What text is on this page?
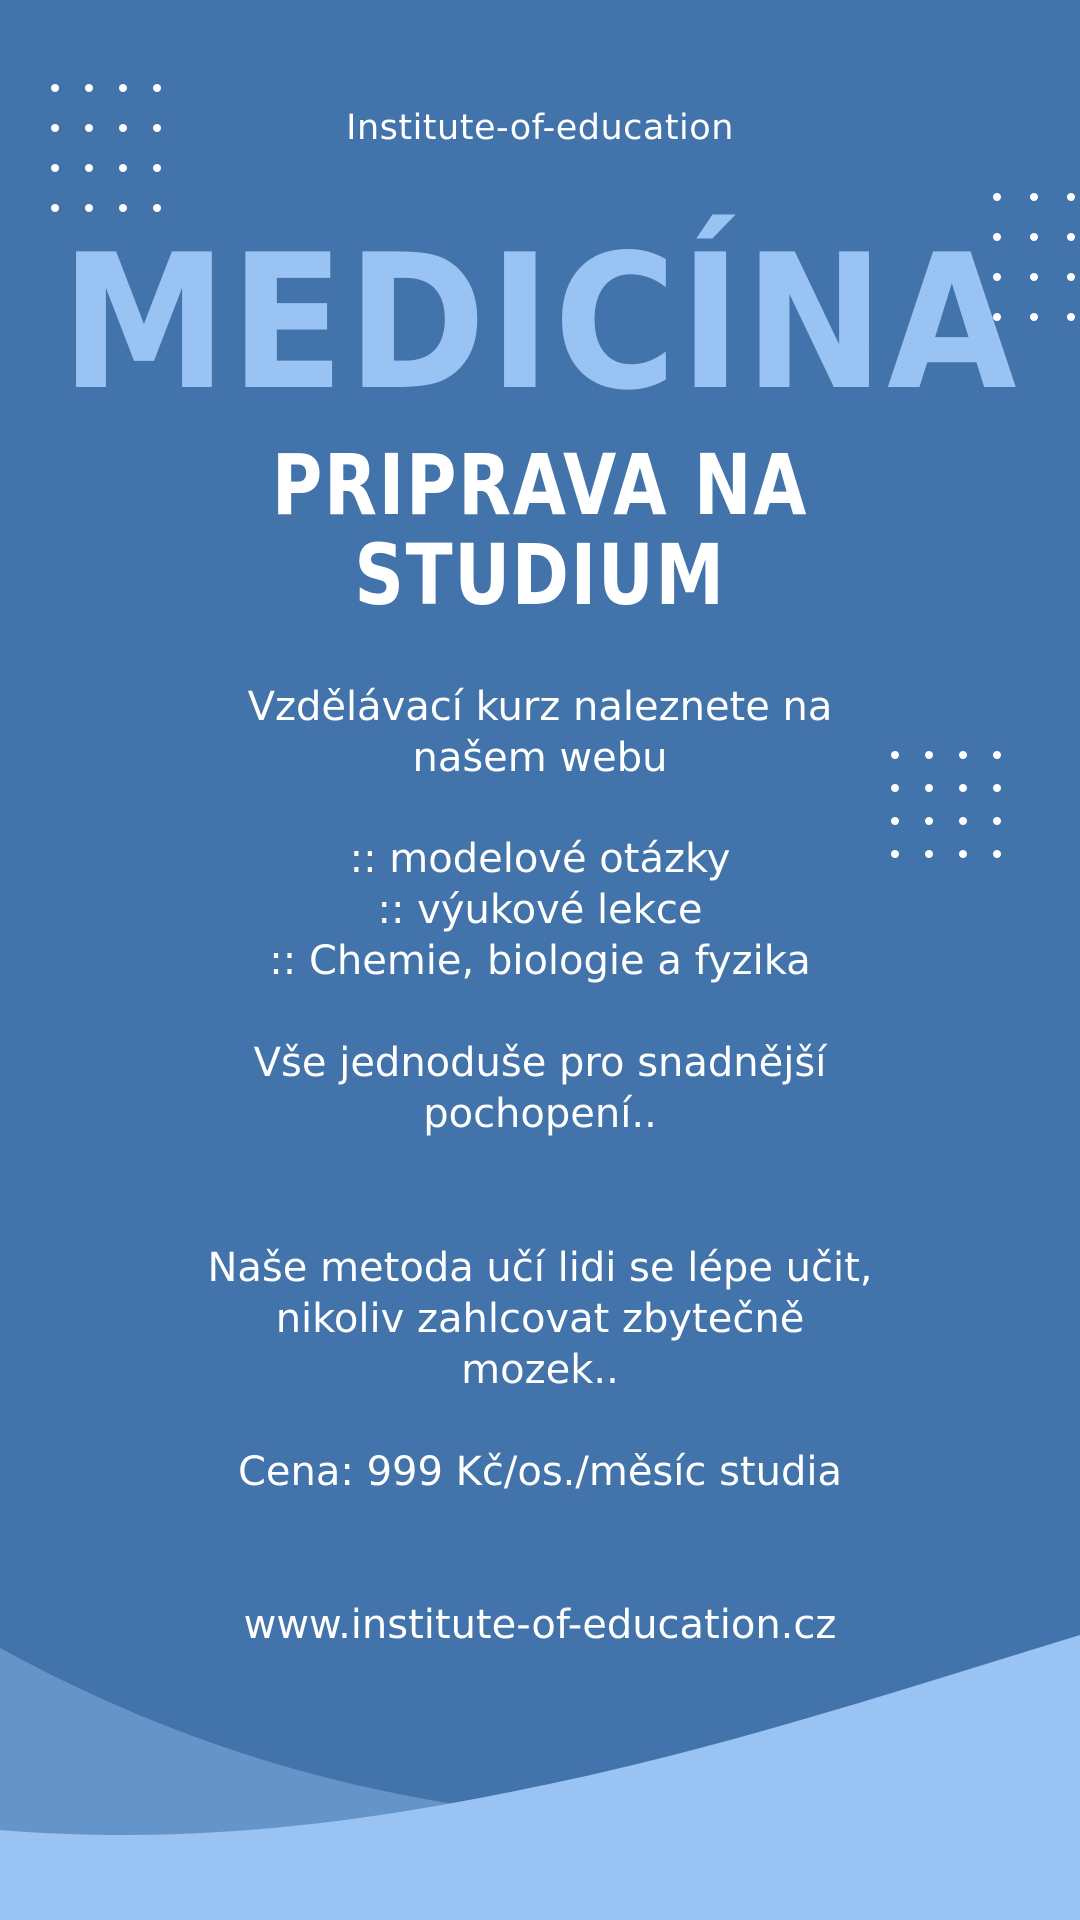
Institute-of-education
MEDICÍNA
PRIPRAVA NA STUDIUM
Vzdělávací kurz naleznete na
našem webu
:: modelové otázky
:: výukové lekce
:: Chemie, biologie a fyzika
Vše jednoduše pro snadnější
pochopení..
Naše metoda učí lidi se lépe učit,
nikoliv zahlcovat zbytečně
mozek..
Cena: 999 Kč/os./měsíc studia
www.institute-of-education.cz
